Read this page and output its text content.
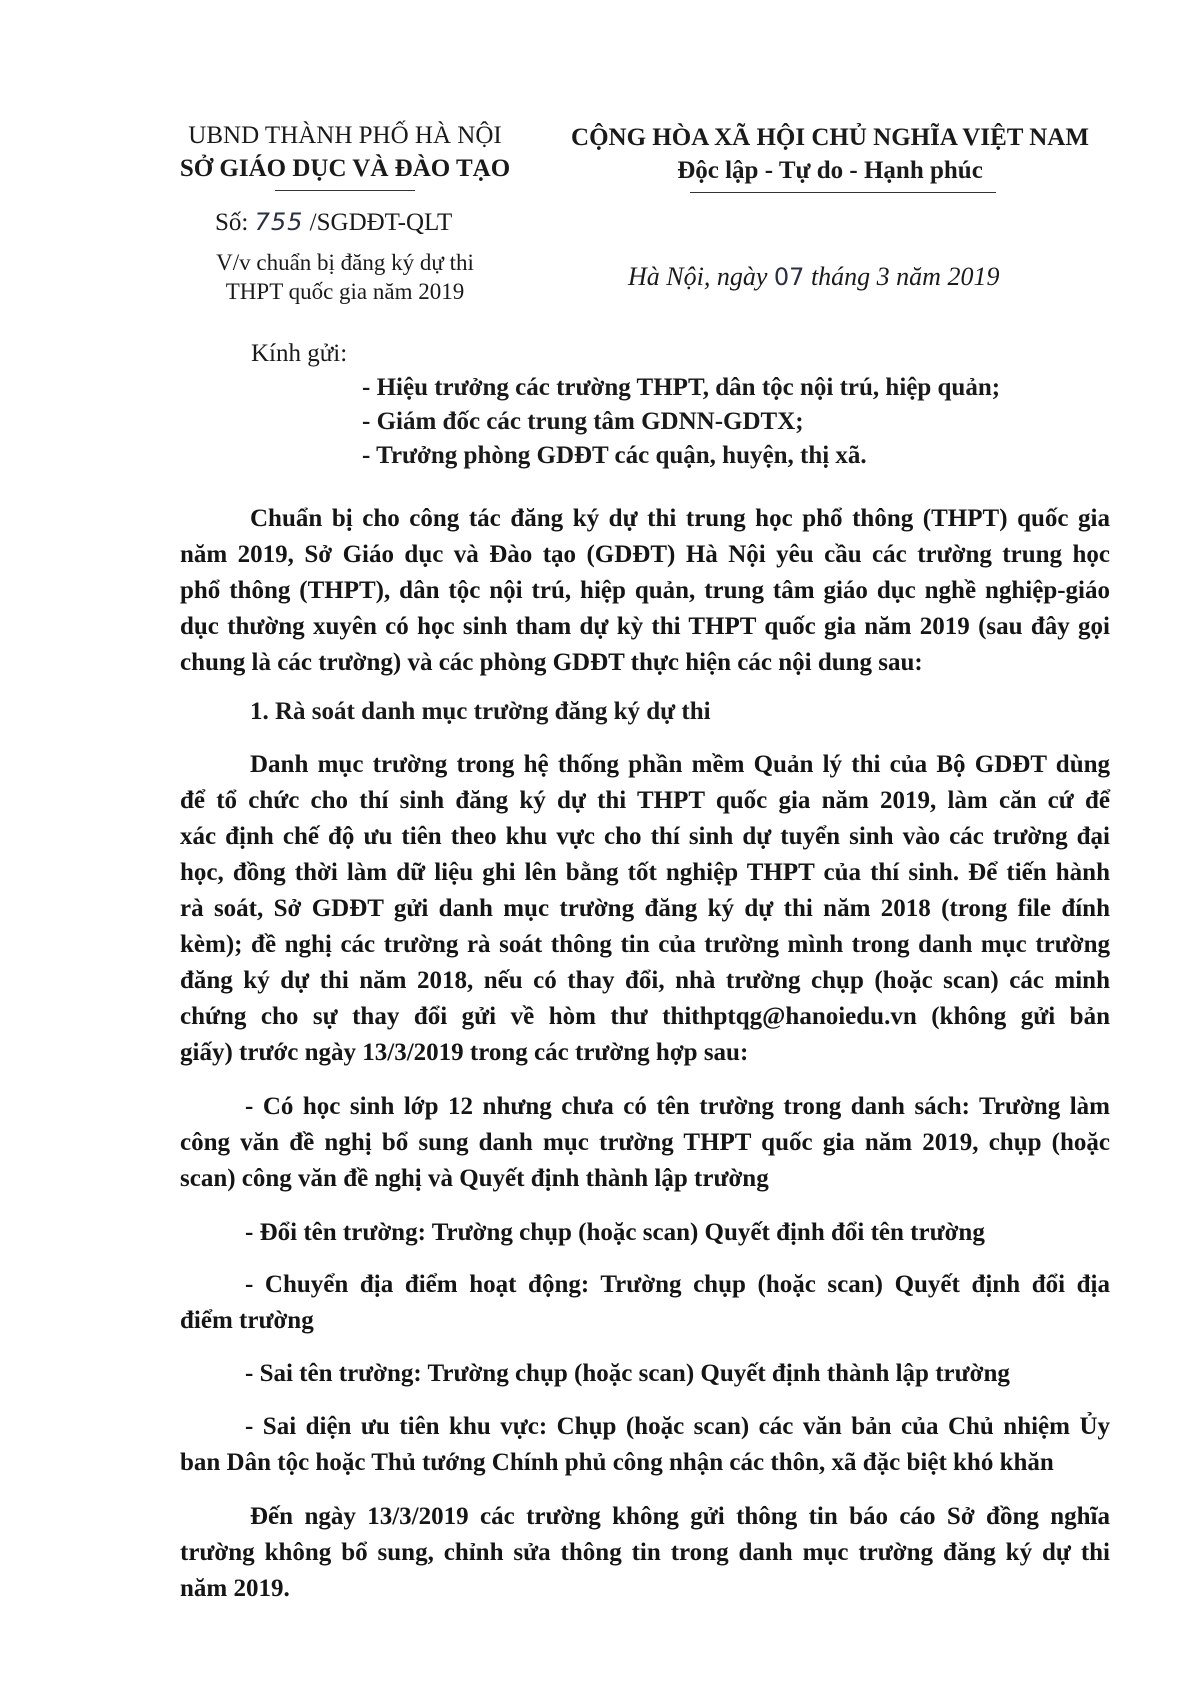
UBND THÀNH PHỐ HÀ NỘI
SỞ GIÁO DỤC VÀ ĐÀO TẠO
CỘNG HÒA XÃ HỘI CHỦ NGHĨA VIỆT NAM
Độc lập - Tự do - Hạnh phúc
Số: 755 /SGDĐT-QLT
V/v chuẩn bị đăng ký dự thi
THPT quốc gia năm 2019
Hà Nội, ngày 07 tháng 3 năm 2019
Kính gửi:
- Hiệu trưởng các trường THPT, dân tộc nội trú, hiệp quản;
- Giám đốc các trung tâm GDNN-GDTX;
- Trưởng phòng GDĐT các quận, huyện, thị xã.
Chuẩn bị cho công tác đăng ký dự thi trung học phổ thông (THPT) quốc gia
năm 2019, Sở Giáo dục và Đào tạo (GDĐT) Hà Nội yêu cầu các trường trung học
phổ thông (THPT), dân tộc nội trú, hiệp quản, trung tâm giáo dục nghề nghiệp-giáo
dục thường xuyên có học sinh tham dự kỳ thi THPT quốc gia năm 2019 (sau đây gọi
chung là các trường) và các phòng GDĐT thực hiện các nội dung sau:
1. Rà soát danh mục trường đăng ký dự thi
Danh mục trường trong hệ thống phần mềm Quản lý thi của Bộ GDĐT dùng
để tổ chức cho thí sinh đăng ký dự thi THPT quốc gia năm 2019, làm căn cứ để
xác định chế độ ưu tiên theo khu vực cho thí sinh dự tuyển sinh vào các trường đại
học, đồng thời làm dữ liệu ghi lên bằng tốt nghiệp THPT của thí sinh. Để tiến hành
rà soát, Sở GDĐT gửi danh mục trường đăng ký dự thi năm 2018 (trong file đính
kèm); đề nghị các trường rà soát thông tin của trường mình trong danh mục trường
đăng ký dự thi năm 2018, nếu có thay đổi, nhà trường chụp (hoặc scan) các minh
chứng cho sự thay đổi gửi về hòm thư thithptqg@hanoiedu.vn (không gửi bản
giấy) trước ngày 13/3/2019 trong các trường hợp sau:
- Có học sinh lớp 12 nhưng chưa có tên trường trong danh sách: Trường làm
công văn đề nghị bổ sung danh mục trường THPT quốc gia năm 2019, chụp (hoặc
scan) công văn đề nghị và Quyết định thành lập trường
- Đổi tên trường: Trường chụp (hoặc scan) Quyết định đổi tên trường
- Chuyển địa điểm hoạt động: Trường chụp (hoặc scan) Quyết định đổi địa
điểm trường
- Sai tên trường: Trường chụp (hoặc scan) Quyết định thành lập trường
- Sai diện ưu tiên khu vực: Chụp (hoặc scan) các văn bản của Chủ nhiệm Ủy
ban Dân tộc hoặc Thủ tướng Chính phủ công nhận các thôn, xã đặc biệt khó khăn
Đến ngày 13/3/2019 các trường không gửi thông tin báo cáo Sở đồng nghĩa
trường không bổ sung, chỉnh sửa thông tin trong danh mục trường đăng ký dự thi
năm 2019.
